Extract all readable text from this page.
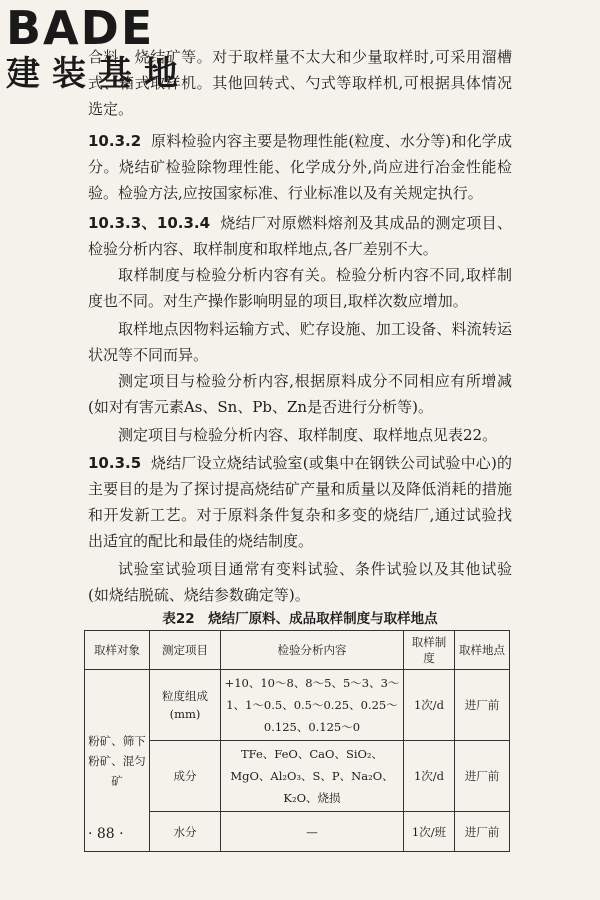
BADE
建装基地
合料、烧结矿等。对于取样量不太大和少量取样时,可采用溜槽式、箱式取样机。其他回转式、勺式等取样机,可根据具体情况选定。
10.3.2 原料检验内容主要是物理性能(粒度、水分等)和化学成分。烧结矿检验除物理性能、化学成分外,尚应进行冶金性能检验。检验方法,应按国家标准、行业标准以及有关规定执行。
10.3.3、10.3.4 烧结厂对原燃料熔剂及其成品的测定项目、检验分析内容、取样制度和取样地点,各厂差别不大。
取样制度与检验分析内容有关。检验分析内容不同,取样制度也不同。对生产操作影响明显的项目,取样次数应增加。
取样地点因物料运输方式、贮存设施、加工设备、料流转运状况等不同而异。
测定项目与检验分析内容,根据原料成分不同相应有所增减(如对有害元素As、Sn、Pb、Zn是否进行分析等)。
测定项目与检验分析内容、取样制度、取样地点见表22。
10.3.5 烧结厂设立烧结试验室(或集中在钢铁公司试验中心)的主要目的是为了探讨提高烧结矿产量和质量以及降低消耗的措施和开发新工艺。对于原料条件复杂和多变的烧结厂,通过试验找出适宜的配比和最佳的烧结制度。
试验室试验项目通常有变料试验、条件试验以及其他试验(如烧结脱硫、烧结参数确定等)。
表22　烧结厂原料、成品取样制度与取样地点
取样对象	测定项目	检验分析内容	取样制度	取样地点
粉矿、筛下粉矿、混匀矿	粒度组成(mm)	+10、10～8、8～5、5～3、3～1、1～0.5、0.5～0.25、0.25～0.125、0.125～0	1次/d	进厂前
	成分	TFe、FeO、CaO、SiO₂、MgO、Al₂O₃、S、P、Na₂O、K₂O、烧损	1次/d	进厂前
	水分	—	1次/班	进厂前
· 88 ·
